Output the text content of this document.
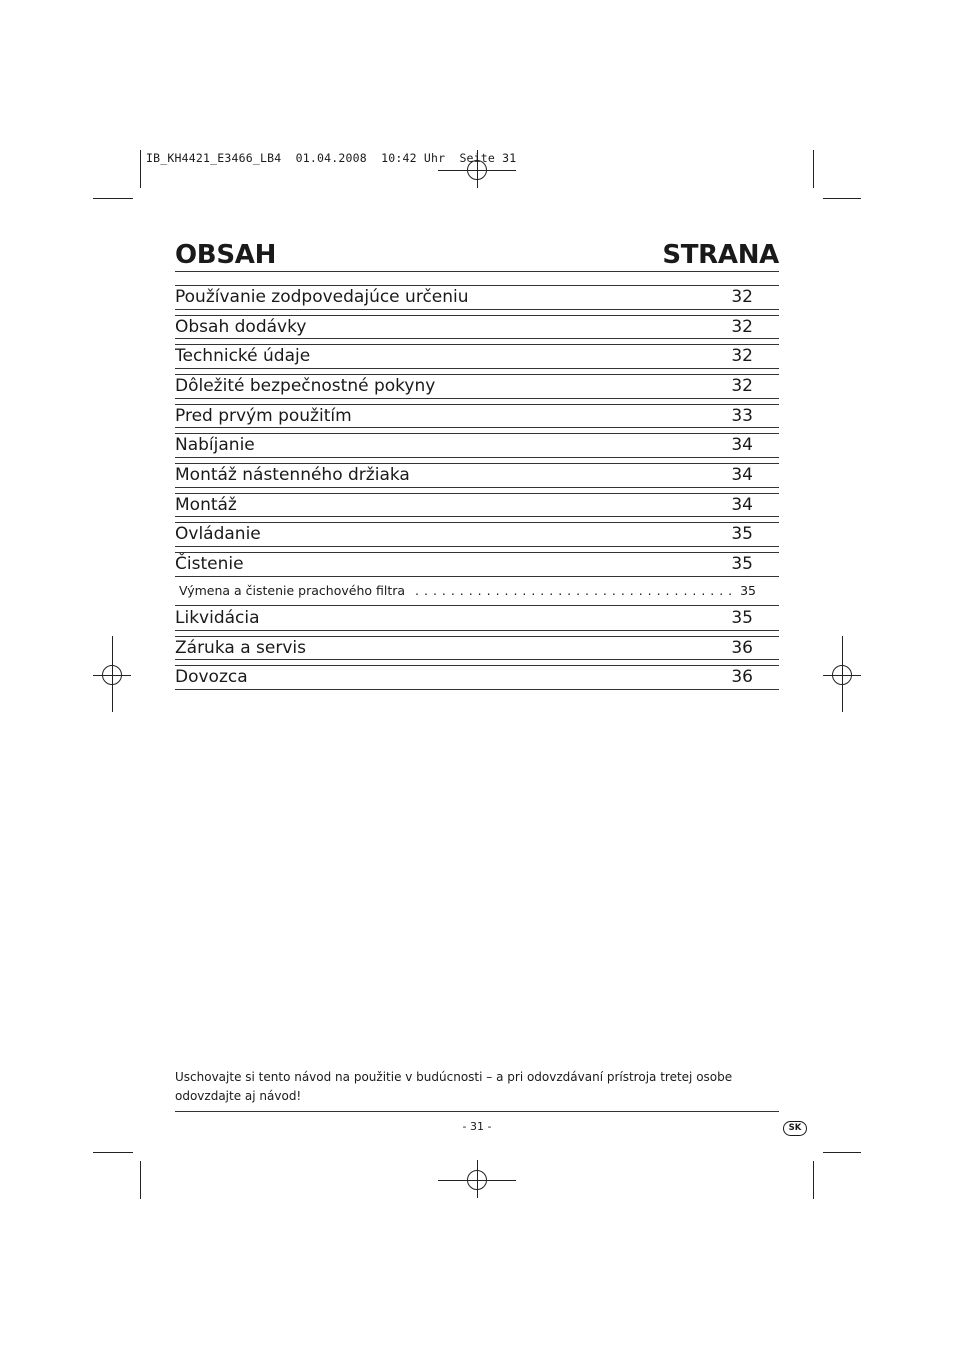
IB_KH4421_E3466_LB4  01.04.2008  10:42 Uhr  Seite 31
OBSAH	STRANA
Používanie zodpovedajúce určeniu	32
Obsah dodávky	32
Technické údaje	32
Dôležité bezpečnostné pokyny	32
Pred prvým použitím	33
Nabíjanie	34
Montáž nástenného držiaka	34
Montáž	34
Ovládanie	35
Čistenie	35
Výmena a čistenie prachového filtra . . .	35
Likvidácia	35
Záruka a servis	36
Dovozca	36
Uschovajte si tento návod na použitie v budúcnosti – a pri odovzdávaní prístroja tretej osobe odovzdajte aj návod!
- 31 -	SK
